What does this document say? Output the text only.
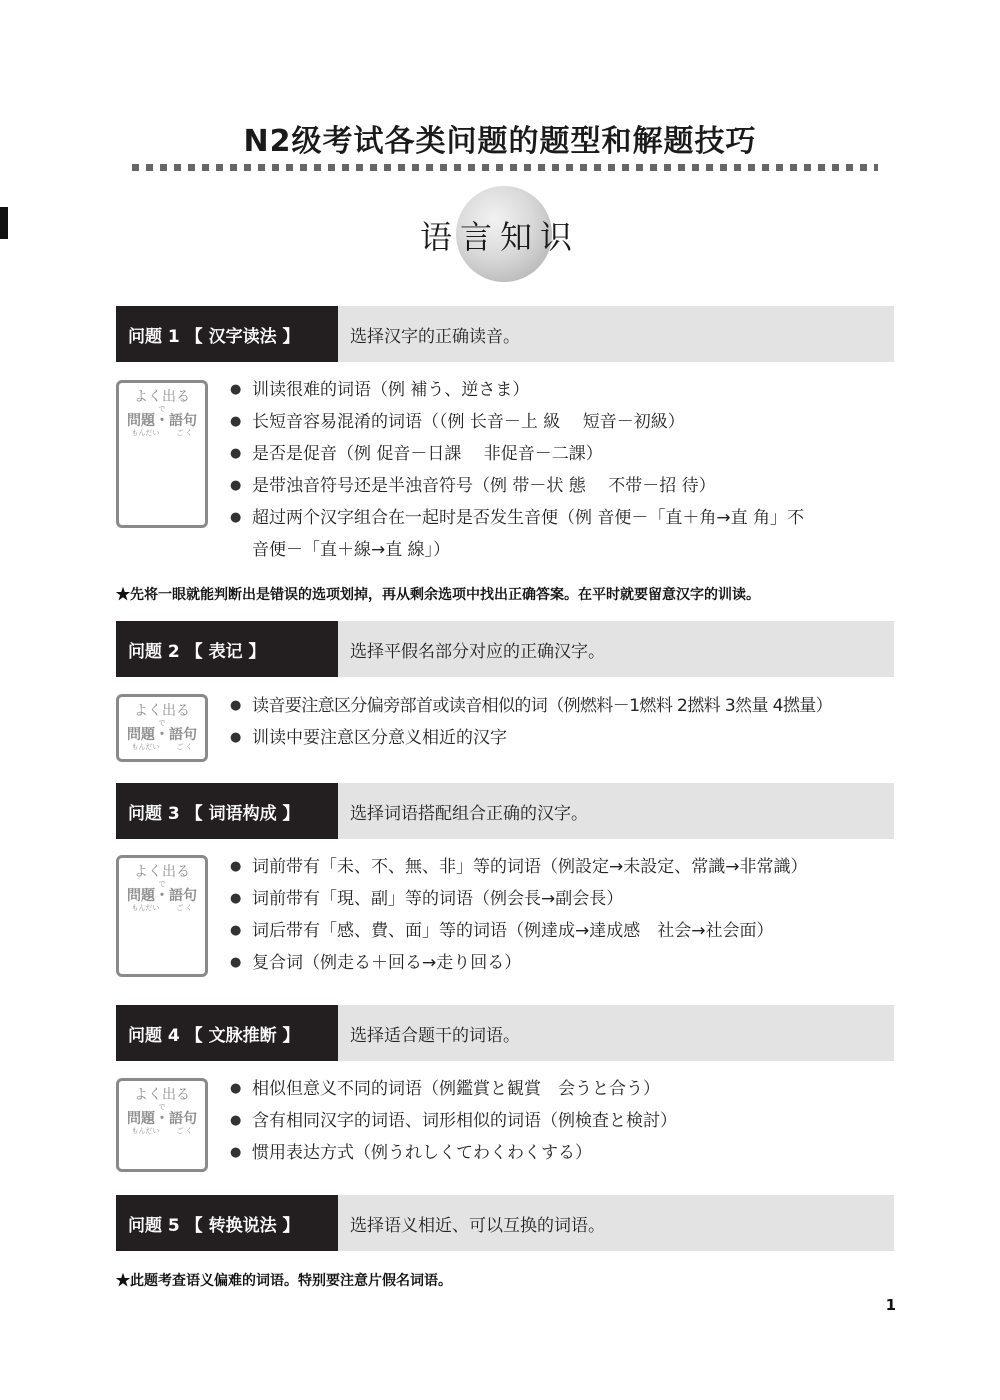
N2级考试各类问题的题型和解题技巧
语言知识
问题 1 【 汉字读法 】	选择汉字的正确读音。
よく出る
で
問題・語句
もんだい ご く
● 训读很难的词语（例 補う、逆さま）
● 长短音容易混淆的词语（（例 长音－上 級　 短音－初級）
● 是否是促音（例 促音－日課　 非促音－二課）
● 是带浊音符号还是半浊音符号（例 带－状 態　 不带－招 待）
● 超过两个汉字组合在一起时是否发生音便（例 音便－「直＋角→直 角」不
音便－「直＋線→直 線」）
★先将一眼就能判断出是错误的选项划掉，再从剩余选项中找出正确答案。在平时就要留意汉字的训读。
问题 2 【 表记 】	选择平假名部分对应的正确汉字。
よく出る
で
問題・語句
もんだい ご く
● 读音要注意区分偏旁部首或读音相似的词（例燃料－1燃料 2撚料 3然量 4撚量）
● 训读中要注意区分意义相近的汉字
问题 3 【 词语构成 】	选择词语搭配组合正确的汉字。
よく出る
で
問題・語句
もんだい ご く
● 词前带有「未、不、無、非」等的词语（例設定→未設定、常識→非常識）
● 词前带有「現、副」等的词语（例会長→副会長）
● 词后带有「感、費、面」等的词语（例達成→達成感　社会→社会面）
● 复合词（例走る＋回る→走り回る）
问题 4 【 文脉推断 】	选择适合题干的词语。
よく出る
で
問題・語句
もんだい ご く
● 相似但意义不同的词语（例鑑賞と観賞　会うと合う）
● 含有相同汉字的词语、词形相似的词语（例検査と検討）
● 惯用表达方式（例うれしくてわくわくする）
问题 5 【 转换说法 】	选择语义相近、可以互换的词语。
★此题考查语义偏难的词语。特别要注意片假名词语。
1
